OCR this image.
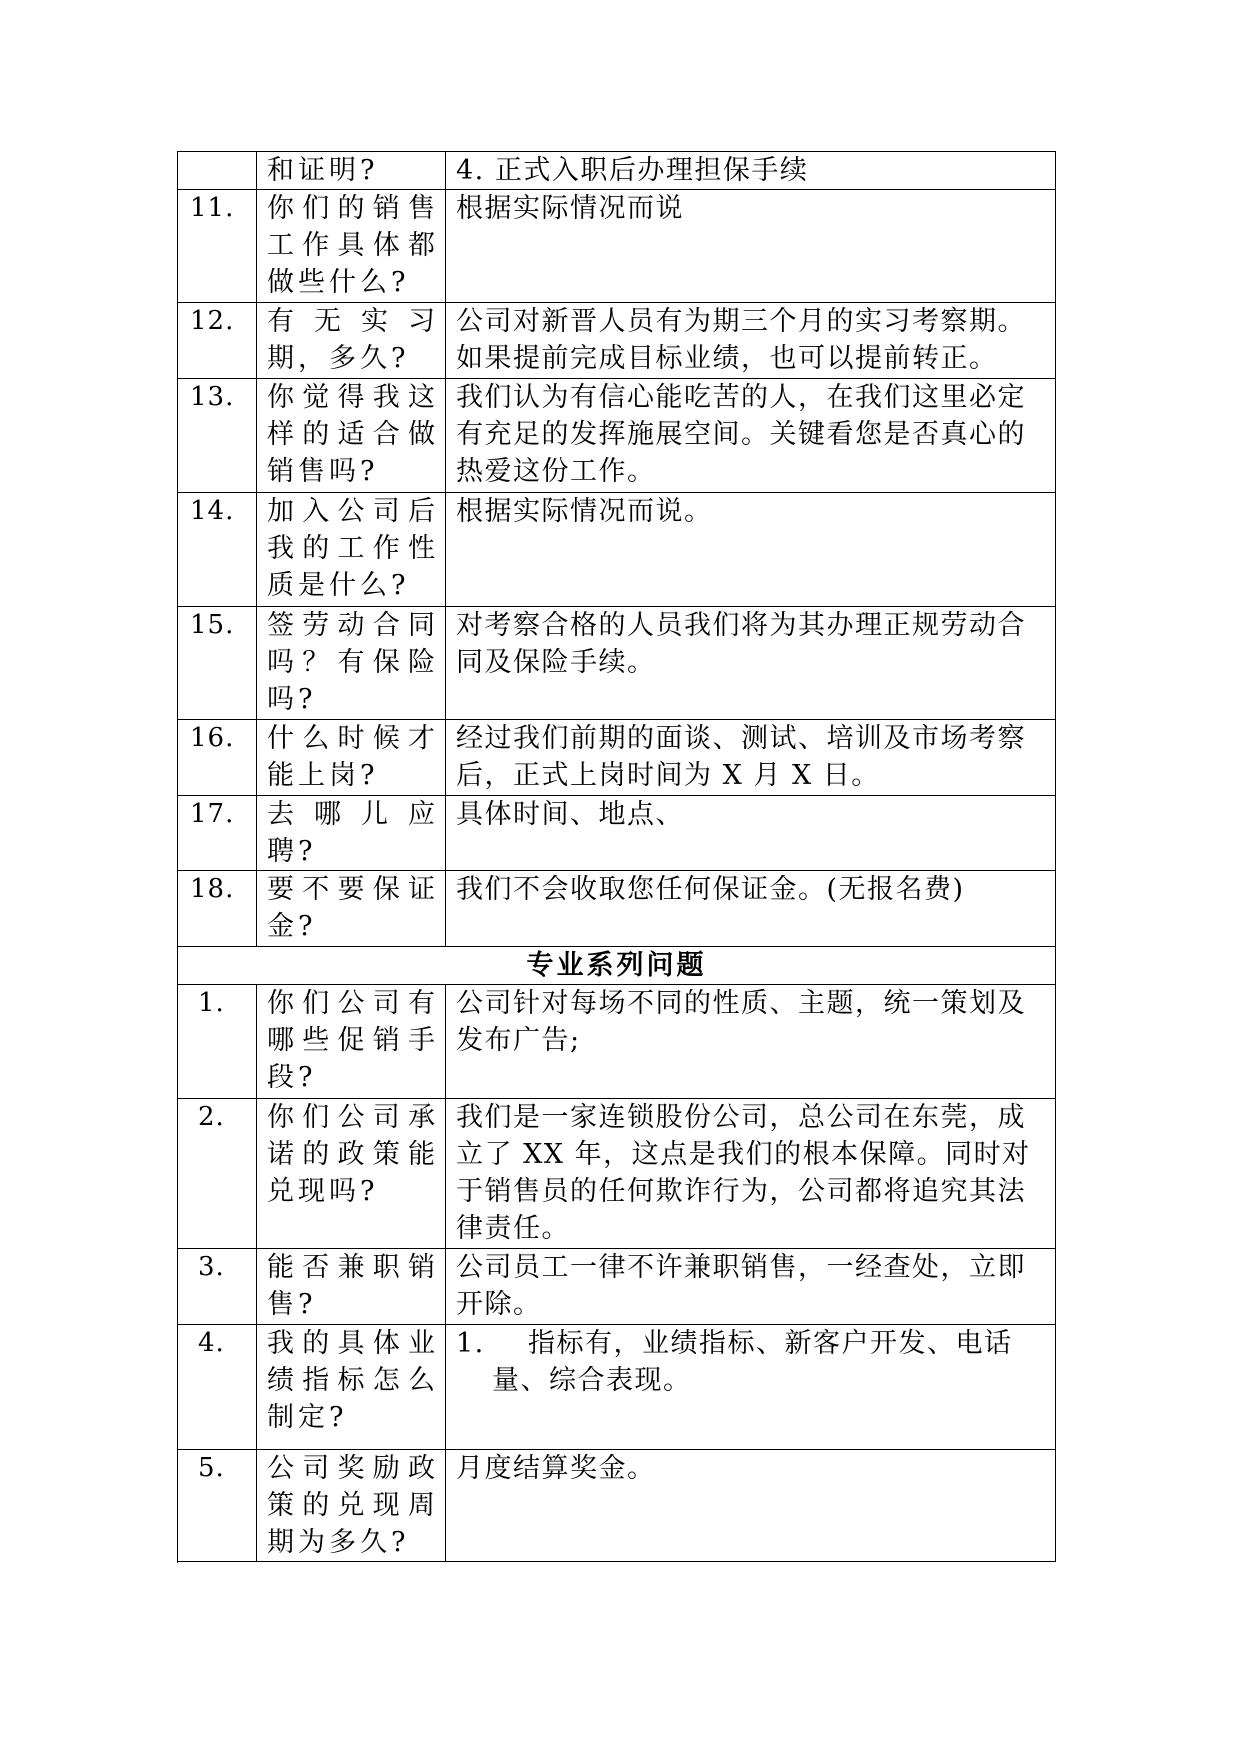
	和证明?	4. 正式入职后办理担保手续
11.	你们的销售工作具体都做些什么?	根据实际情况而说
12.	有无实习期，多久?	公司对新晋人员有为期三个月的实习考察期。如果提前完成目标业绩，也可以提前转正。
13.	你觉得我这样的适合做销售吗?	我们认为有信心能吃苦的人，在我们这里必定有充足的发挥施展空间。关键看您是否真心的热爱这份工作。
14.	加入公司后我的工作性质是什么?	根据实际情况而说。
15.	签劳动合同吗？有保险吗?	对考察合格的人员我们将为其办理正规劳动合同及保险手续。
16.	什么时候才能上岗?	经过我们前期的面谈、测试、培训及市场考察后，正式上岗时间为 X 月 X 日。
17.	去哪儿应聘?	具体时间、地点、
18.	要不要保证金?	我们不会收取您任何保证金。(无报名费)
专业系列问题		
1.	你们公司有哪些促销手段?	公司针对每场不同的性质、主题，统一策划及发布广告;
2.	你们公司承诺的政策能兑现吗?	我们是一家连锁股份公司，总公司在东莞，成立了 XX 年，这点是我们的根本保障。同时对于销售员的任何欺诈行为，公司都将追究其法律责任。
3.	能否兼职销售?	公司员工一律不许兼职销售，一经查处，立即开除。
4.	我的具体业绩指标怎么制定?	1. 指标有，业绩指标、新客户开发、电话
量、综合表现。

5.	公司奖励政策的兑现周期为多久?	月度结算奖金。
